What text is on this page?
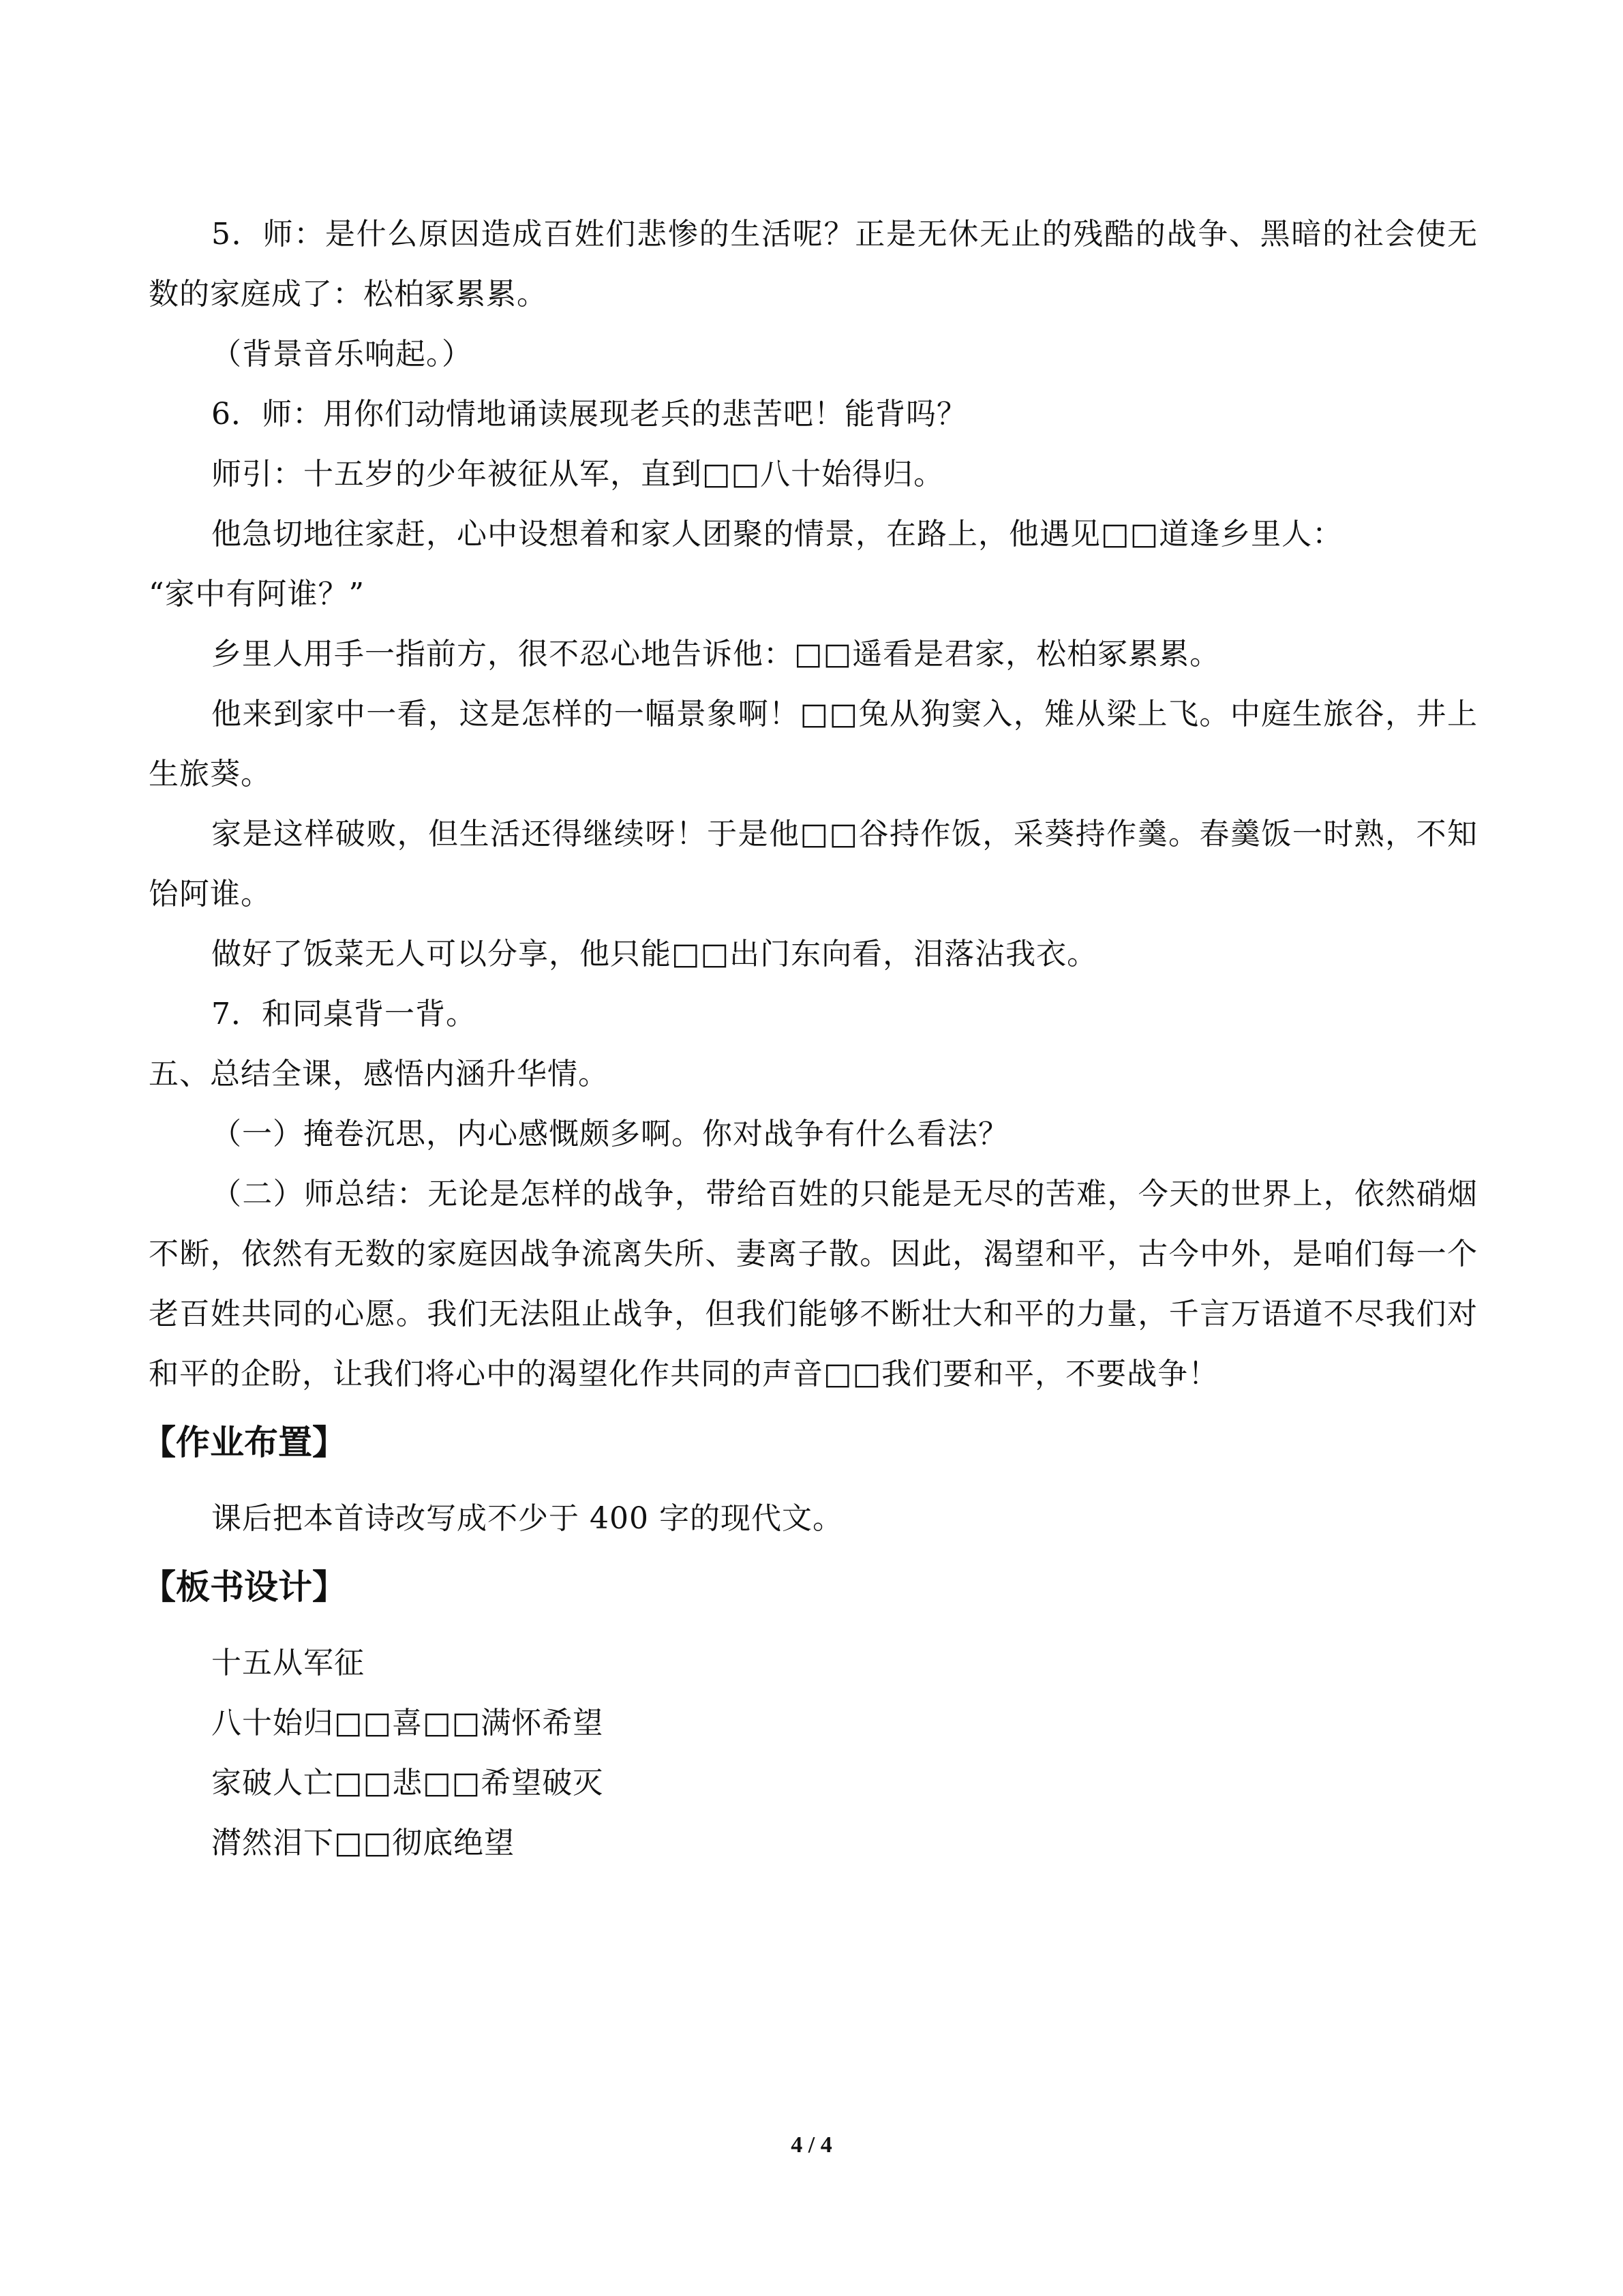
5．师：是什么原因造成百姓们悲惨的生活呢？正是无休无止的残酷的战争、黑暗的社会使无数的家庭成了：松柏冢累累。

（背景音乐响起。）

6．师：用你们动情地诵读展现老兵的悲苦吧！能背吗？

师引：十五岁的少年被征从军，直到□□八十始得归。

他急切地往家赶，心中设想着和家人团聚的情景，在路上，他遇见□□道逢乡里人：

“家中有阿谁？”

乡里人用手一指前方，很不忍心地告诉他：□□遥看是君家，松柏冢累累。

他来到家中一看，这是怎样的一幅景象啊！□□兔从狗窦入，雉从梁上飞。中庭生旅谷，井上生旅葵。

家是这样破败，但生活还得继续呀！于是他□□谷持作饭，采葵持作羹。春羹饭一时熟，不知饴阿谁。

做好了饭菜无人可以分享，他只能□□出门东向看，泪落沾我衣。

7．和同桌背一背。

五、总结全课，感悟内涵升华情。

（一）掩卷沉思，内心感慨颇多啊。你对战争有什么看法？

（二）师总结：无论是怎样的战争，带给百姓的只能是无尽的苦难，今天的世界上，依然硝烟不断，依然有无数的家庭因战争流离失所、妻离子散。因此，渴望和平，古今中外，是咱们每一个老百姓共同的心愿。我们无法阻止战争，但我们能够不断壮大和平的力量，千言万语道不尽我们对和平的企盼，让我们将心中的渴望化作共同的声音□□我们要和平，不要战争！

【作业布置】

课后把本首诗改写成不少于 400 字的现代文。

【板书设计】

十五从军征

八十始归□□喜□□满怀希望

家破人亡□□悲□□希望破灭

潸然泪下□□彻底绝望

4 / 4
